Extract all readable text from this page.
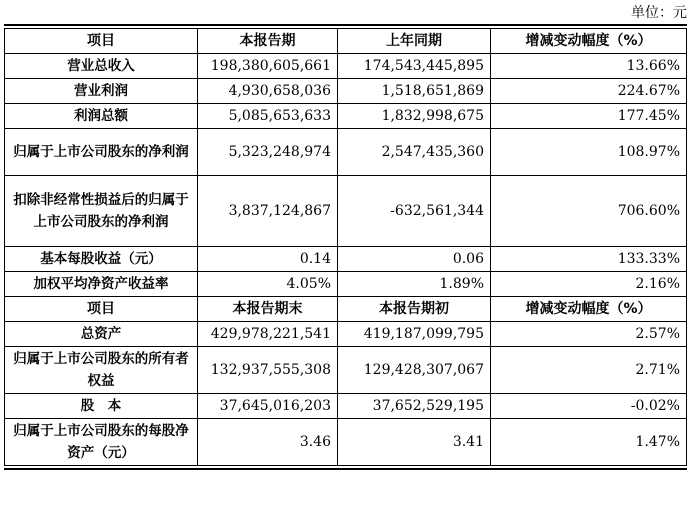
单位：元
项目	本报告期	上年同期	增减变动幅度（%）
营业总收入	198,380,605,661	174,543,445,895	13.66%
营业利润	4,930,658,036	1,518,651,869	224.67%
利润总额	5,085,653,633	1,832,998,675	177.45%
归属于上市公司股东的净利润	5,323,248,974	2,547,435,360	108.97%
扣除非经常性损益后的归属于上市公司股东的净利润	3,837,124,867	-632,561,344	706.60%
基本每股收益（元）	0.14	0.06	133.33%
加权平均净资产收益率	4.05%	1.89%	2.16%
项目	本报告期末	本报告期初	增减变动幅度（%）
总资产	429,978,221,541	419,187,099,795	2.57%
归属于上市公司股东的所有者权益	132,937,555,308	129,428,307,067	2.71%
股　本	37,645,016,203	37,652,529,195	-0.02%
归属于上市公司股东的每股净资产（元）	3.46	3.41	1.47%
